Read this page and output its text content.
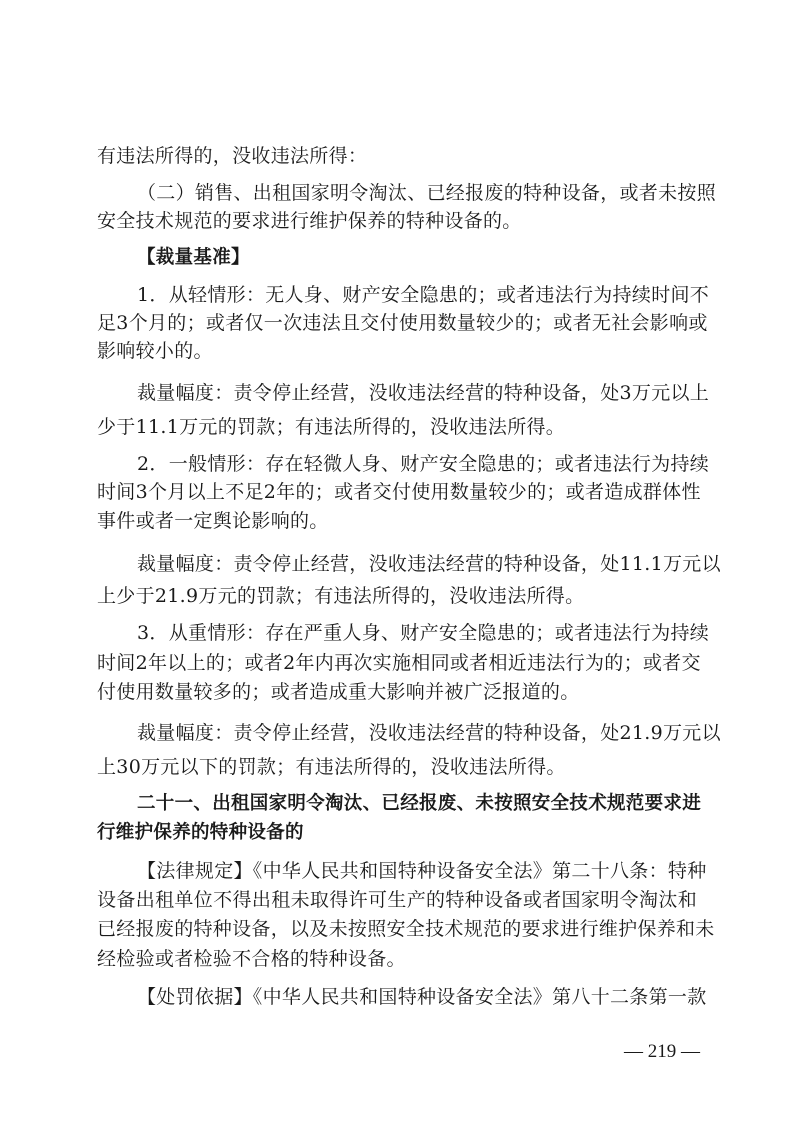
有违法所得的，没收违法所得：
（二）销售、出租国家明令淘汰、已经报废的特种设备，或者未按照
安全技术规范的要求进行维护保养的特种设备的。
【裁量基准】
1．从轻情形：无人身、财产安全隐患的；或者违法行为持续时间不
足3个月的；或者仅一次违法且交付使用数量较少的；或者无社会影响或
影响较小的。
裁量幅度：责令停止经营，没收违法经营的特种设备，处3万元以上
少于11.1万元的罚款；有违法所得的，没收违法所得。
2．一般情形：存在轻微人身、财产安全隐患的；或者违法行为持续
时间3个月以上不足2年的；或者交付使用数量较少的；或者造成群体性
事件或者一定舆论影响的。
裁量幅度：责令停止经营，没收违法经营的特种设备，处11.1万元以
上少于21.9万元的罚款；有违法所得的，没收违法所得。
3．从重情形：存在严重人身、财产安全隐患的；或者违法行为持续
时间2年以上的；或者2年内再次实施相同或者相近违法行为的；或者交
付使用数量较多的；或者造成重大影响并被广泛报道的。
裁量幅度：责令停止经营，没收违法经营的特种设备，处21.9万元以
上30万元以下的罚款；有违法所得的，没收违法所得。
二十一、出租国家明令淘汰、已经报废、未按照安全技术规范要求进
行维护保养的特种设备的
【法律规定】《中华人民共和国特种设备安全法》第二十八条：特种
设备出租单位不得出租未取得许可生产的特种设备或者国家明令淘汰和
已经报废的特种设备，以及未按照安全技术规范的要求进行维护保养和未
经检验或者检验不合格的特种设备。
【处罚依据】《中华人民共和国特种设备安全法》第八十二条第一款
— 219 —
